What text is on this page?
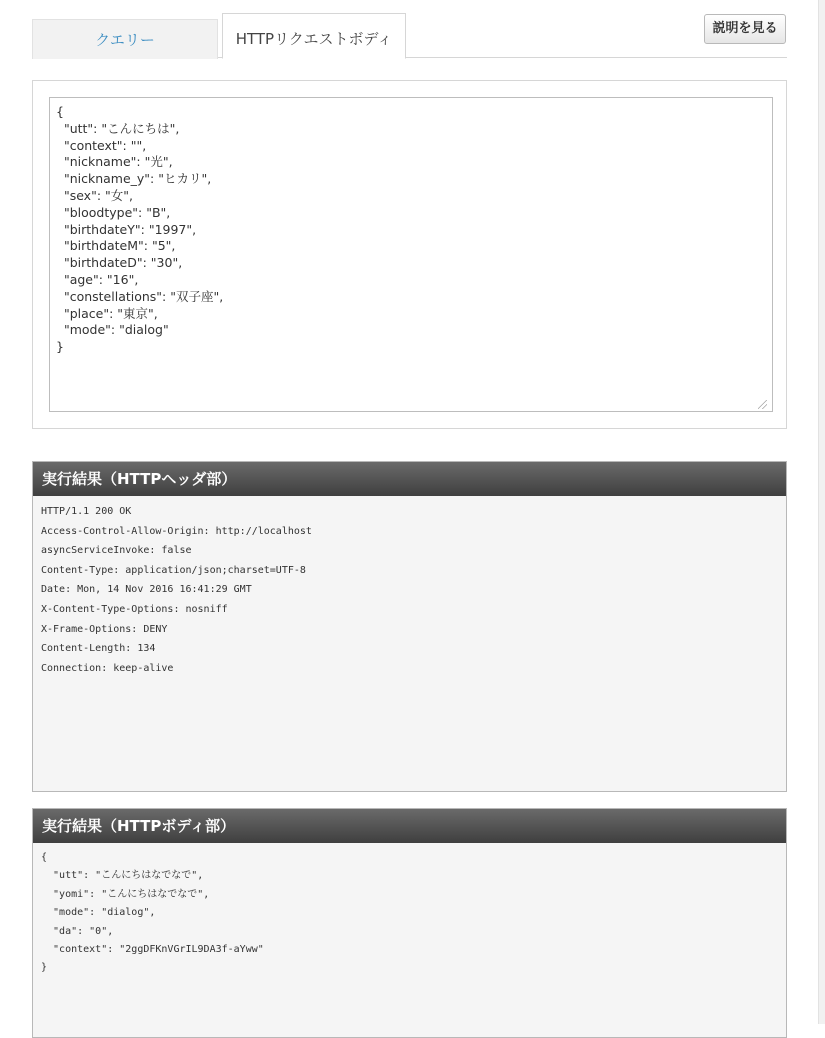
クエリー	HTTPリクエストボディ
説明を見る
{ "utt": "こんにちは", "context": "", "nickname": "光", "nickname_y": "ヒカリ", "sex": "女", "bloodtype": "B", "birthdateY": "1997", "birthdateM": "5", "birthdateD": "30", "age": "16", "constellations": "双子座", "place": "東京", "mode": "dialog" }
実行結果（HTTPヘッダ部）
HTTP/1.1 200 OK
Access-Control-Allow-Origin: http://localhost
asyncServiceInvoke: false
Content-Type: application/json;charset=UTF-8
Date: Mon, 14 Nov 2016 16:41:29 GMT
X-Content-Type-Options: nosniff
X-Frame-Options: DENY
Content-Length: 134
Connection: keep-alive
実行結果（HTTPボディ部）
{
"utt": "こんにちはなでなで",
"yomi": "こんにちはなでなで",
"mode": "dialog",
"da": "0",
"context": "2ggDFKnVGrIL9DA3f-aYww"
}
